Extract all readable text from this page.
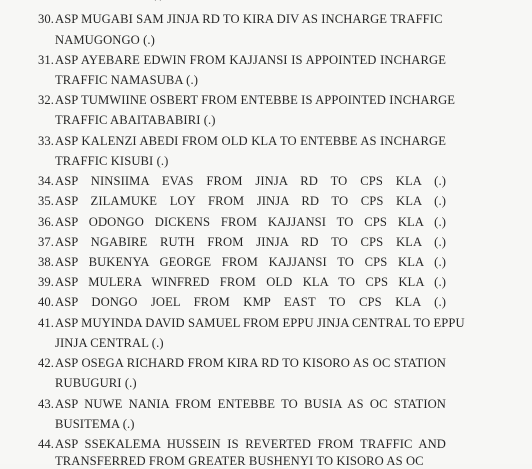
30. ASP MUGABI SAM JINJA RD TO KIRA DIV AS INCHARGE TRAFFIC
NAMUGONGO (.)
31. ASP AYEBARE EDWIN FROM KAJJANSI IS APPOINTED INCHARGE
TRAFFIC NAMASUBA (.)
32. ASP TUMWIINE OSBERT FROM ENTEBBE IS APPOINTED INCHARGE
TRAFFIC ABAITABABIRI (.)
33. ASP KALENZI ABEDI FROM OLD KLA TO ENTEBBE AS INCHARGE
TRAFFIC KISUBI (.)
34. ASP NINSIIMA EVAS FROM JINJA RD TO CPS KLA (.)
35. ASP ZILAMUKE LOY FROM JINJA RD TO CPS KLA (.)
36. ASP ODONGO DICKENS FROM KAJJANSI TO CPS KLA (.)
37. ASP NGABIRE RUTH FROM JINJA RD TO CPS KLA (.)
38. ASP BUKENYA GEORGE FROM KAJJANSI TO CPS KLA (.)
39. ASP MULERA WINFRED FROM OLD KLA TO CPS KLA (.)
40. ASP DONGO JOEL FROM KMP EAST TO CPS KLA (.)
41. ASP MUYINDA DAVID SAMUEL FROM EPPU JINJA CENTRAL TO EPPU
JINJA CENTRAL (.)
42. ASP OSEGA RICHARD FROM KIRA RD TO KISORO AS OC STATION
RUBUGURI (.)
43. ASP NUWE NANIA FROM ENTEBBE TO BUSIA AS OC STATION
BUSITEMA (.)
44. ASP SSEKALEMA HUSSEIN IS REVERTED FROM TRAFFIC AND
TRANSFERRED FROM GREATER BUSHENYI TO KISORO AS OC
